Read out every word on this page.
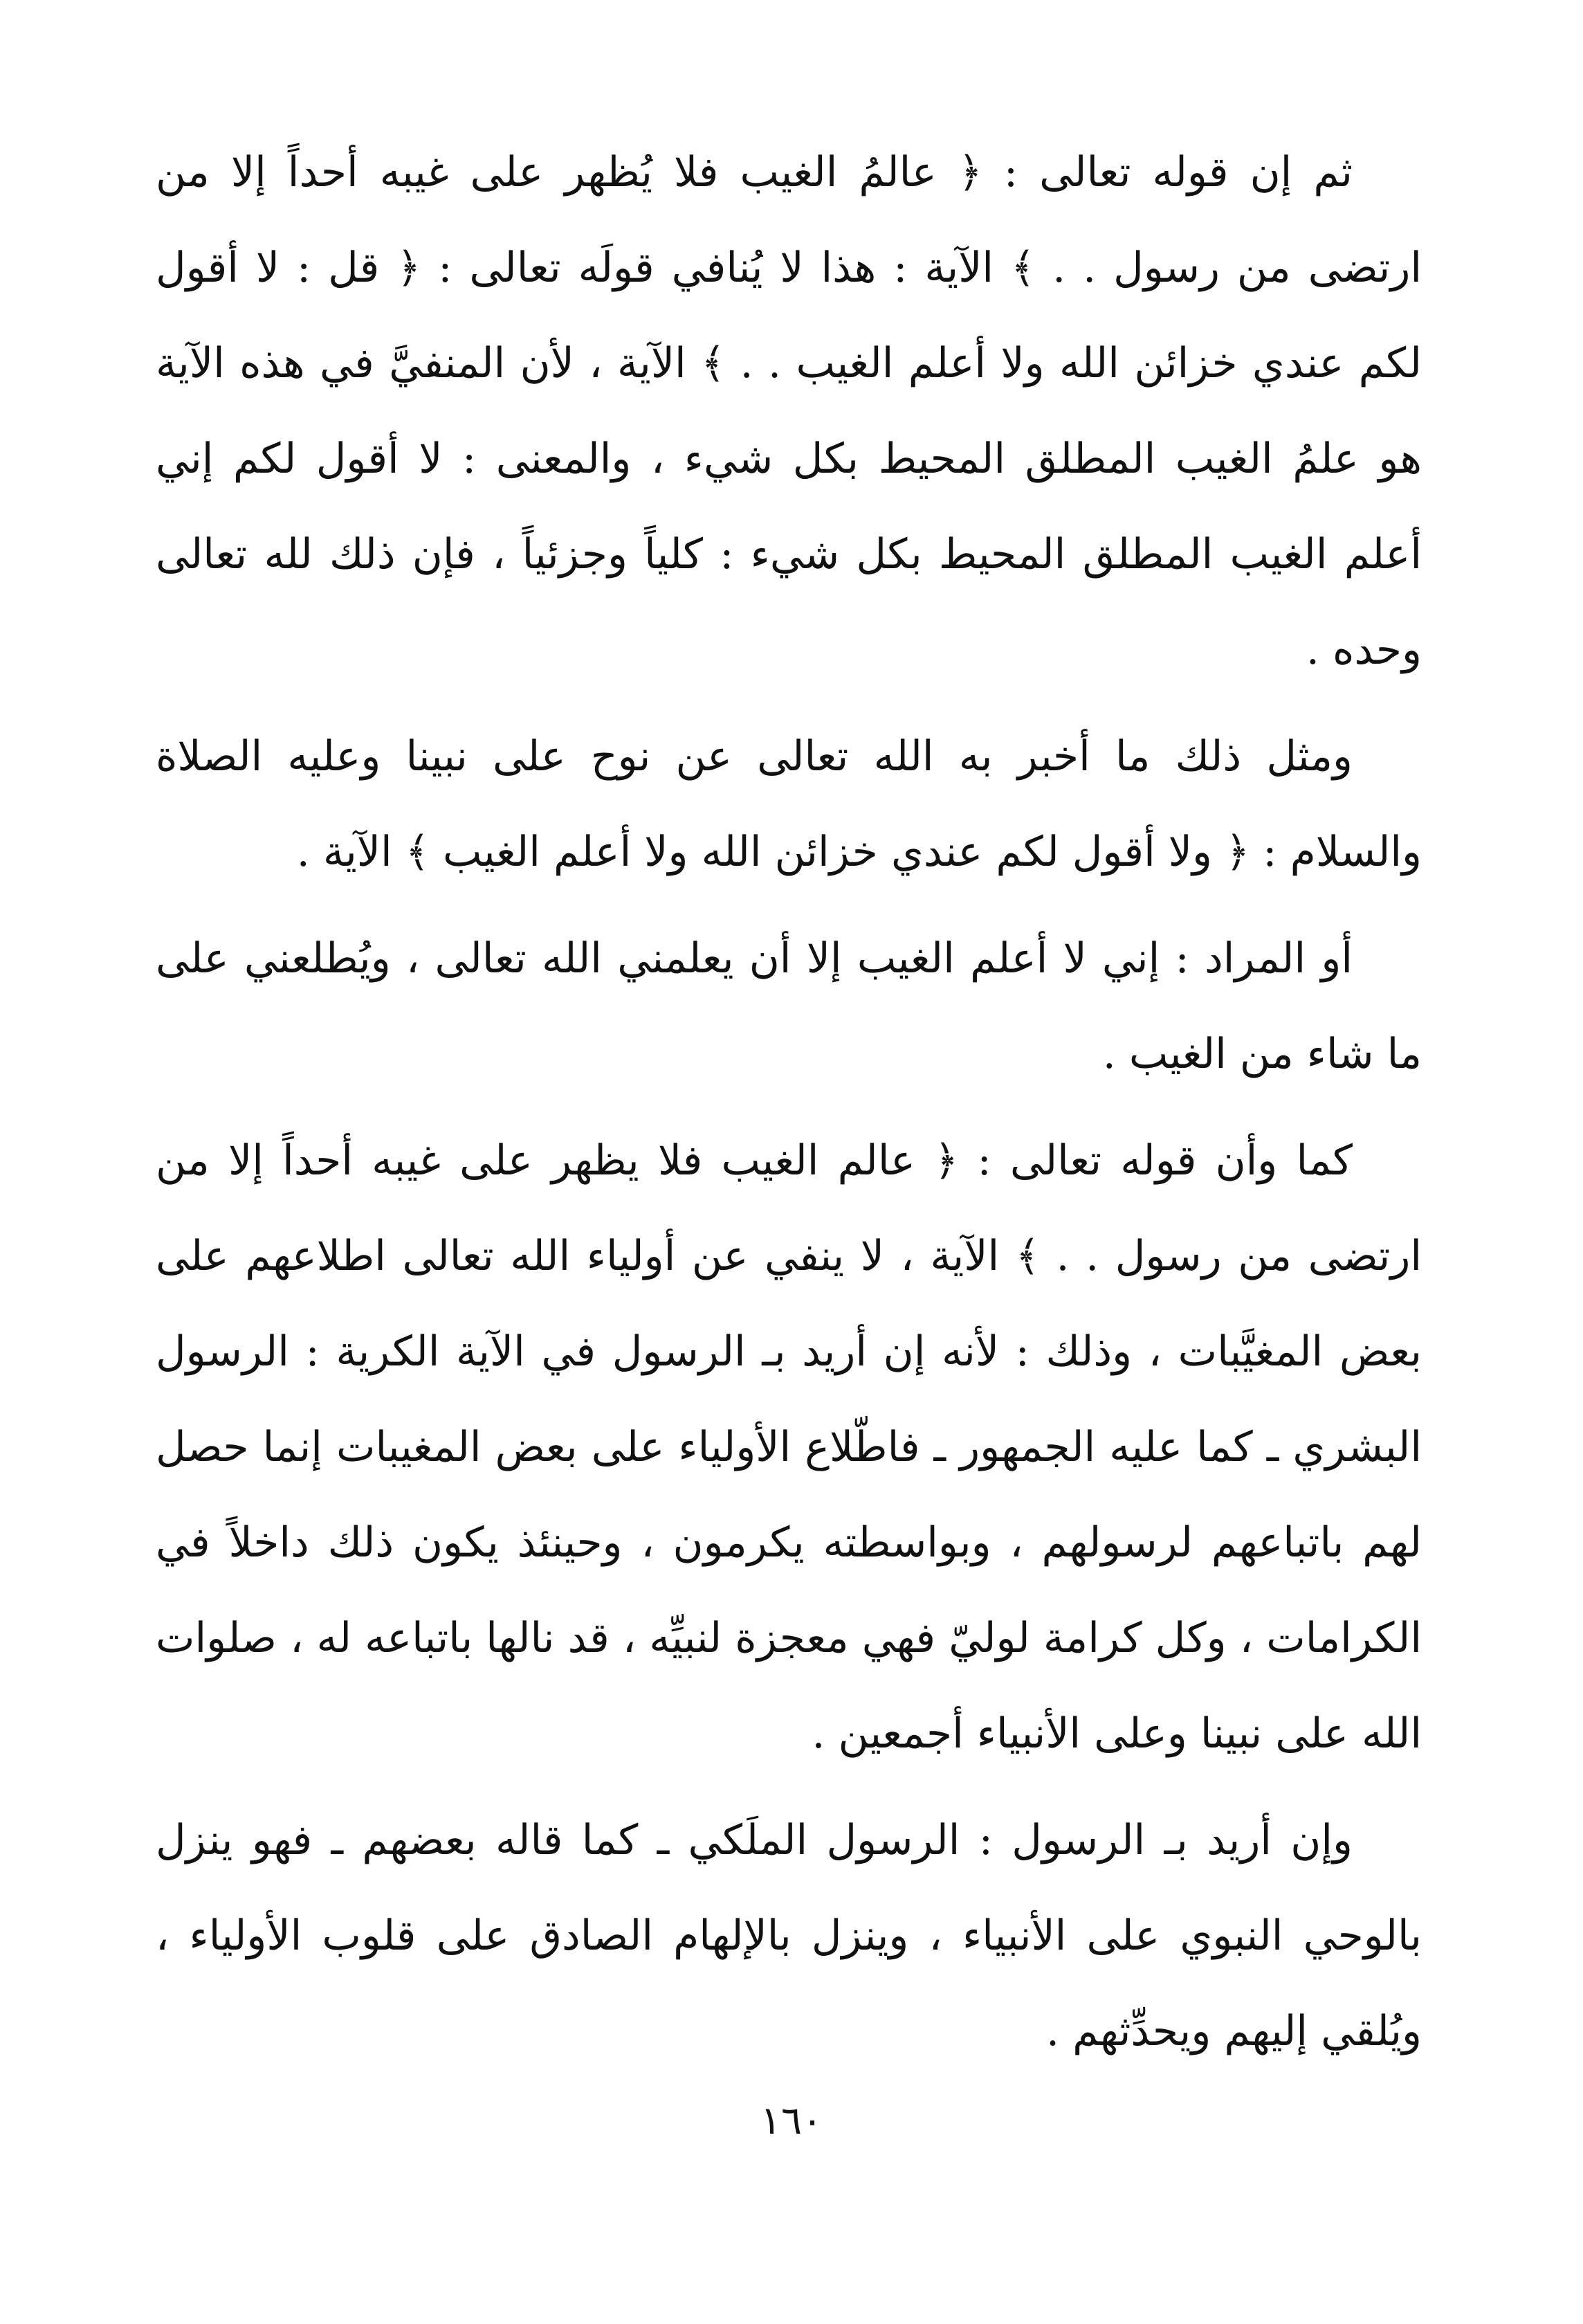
ثم إن قوله تعالى : ﴿ عالمُ الغيب فلا يُظهر على غيبه أحداً إلا من ارتضى من رسول . . ﴾ الآية : هذا لا يُنافي قولَه تعالى : ﴿ قل : لا أقول لكم عندي خزائن الله ولا أعلم الغيب . . ﴾ الآية ، لأن المنفيَّ في هذه الآية هو علمُ الغيب المطلق المحيط بكل شيء ، والمعنى : لا أقول لكم إني أعلم الغيب المطلق المحيط بكل شيء : كلياً وجزئياً ، فإن ذلك لله تعالى وحده .

ومثل ذلك ما أخبر به الله تعالى عن نوح على نبينا وعليه الصلاة والسلام : ﴿ ولا أقول لكم عندي خزائن الله ولا أعلم الغيب ﴾ الآية .

أو المراد : إني لا أعلم الغيب إلا أن يعلمني الله تعالى ، ويُطلعني على ما شاء من الغيب .

كما وأن قوله تعالى : ﴿ عالم الغيب فلا يظهر على غيبه أحداً إلا من ارتضى من رسول . . ﴾ الآية ، لا ينفي عن أولياء الله تعالى اطلاعهم على بعض المغيَّبات ، وذلك : لأنه إن أريد بـ الرسول في الآية الكرية : الرسول البشري ـ كما عليه الجمهور ـ فاطّلاع الأولياء على بعض المغيبات إنما حصل لهم باتباعهم لرسولهم ، وبواسطته يكرمون ، وحينئذ يكون ذلك داخلاً في الكرامات ، وكل كرامة لوليّ فهي معجزة لنبيِّه ، قد نالها باتباعه له ، صلوات الله على نبينا وعلى الأنبياء أجمعين .

وإن أريد بـ الرسول : الرسول الملَكي ـ كما قاله بعضهم ـ فهو ينزل بالوحي النبوي على الأنبياء ، وينزل بالإلهام الصادق على قلوب الأولياء ، ويُلقي إليهم ويحدِّثهم .

١٦٠
